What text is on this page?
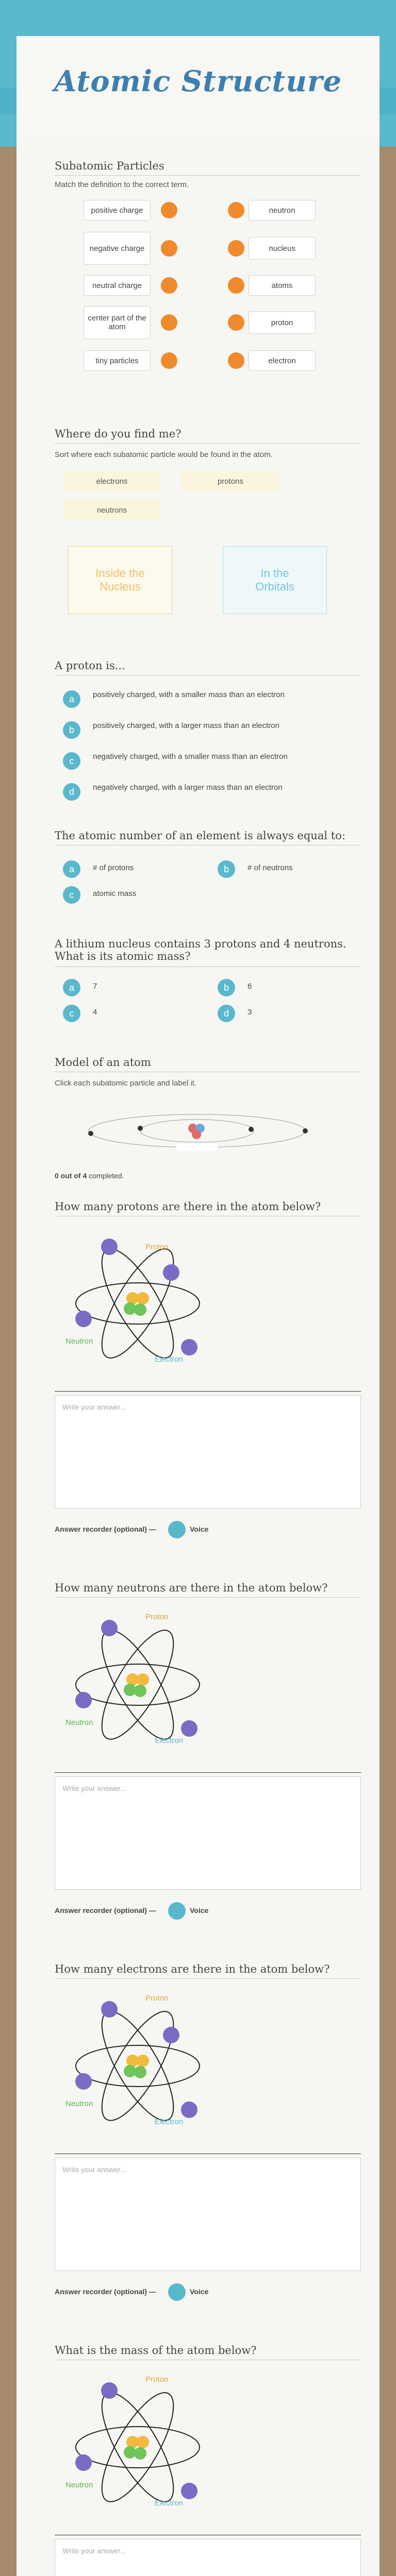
Atomic Structure
Subatomic Particles
Match the definition to the correct term.
positive charge	neutron
negative charge	nucleus
neutral charge	atoms
center part of the atom	proton
tiny particles	electron
Where do you find me?
Sort where each subatomic particle would be found in the atom.
electrons	protons
neutrons
Inside the Nucleus
In the Orbitals
A proton is...
a	positively charged, with a smaller mass than an electron
b	positively charged, with a larger mass than an electron
c	negatively charged, with a smaller mass than an electron
d	negatively charged, with a larger mass than an electron
The atomic number of an element is always equal to:
a	# of protons	b	# of neutrons
c	atomic mass
A lithium nucleus contains 3 protons and 4 neutrons. What is its atomic mass?
a	7	b	6
c	4	d	3
Model of an atom
Click each subatomic particle and label it.
0 out of 4 completed.
How many protons are there in the atom below?
Proton
Neutron
Electron
Write your answer...
Answer recorder (optional) —	Voice
How many neutrons are there in the atom below?
Proton
Neutron
Electron
Write your answer...
Answer recorder (optional) —	Voice
How many electrons are there in the atom below?
Proton
Neutron
Electron
Write your answer...
Answer recorder (optional) —	Voice
What is the mass of the atom below?
Proton
Neutron
Electron
Write your answer...
